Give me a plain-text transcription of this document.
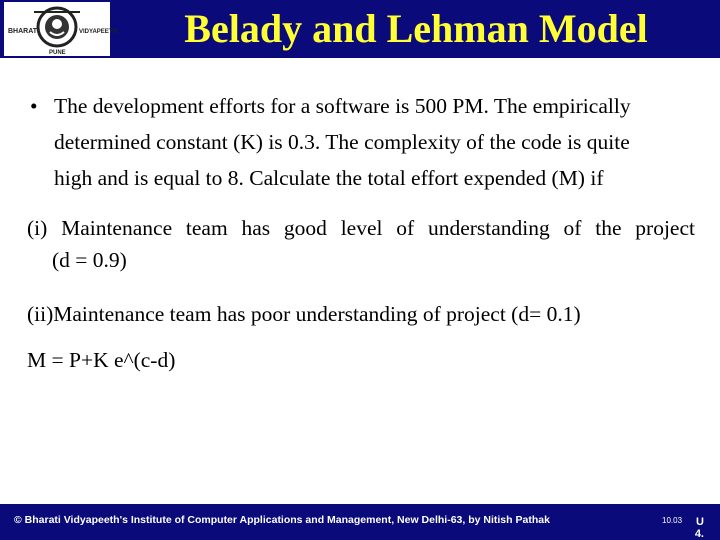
BHARATI	VIDYAPEETH
PUNE
Belady and Lehman Model
• The development efforts for a software is 500 PM. The empirically
determined constant (K) is 0.3. The complexity of the code is quite
high and is equal to 8. Calculate the total effort expended (M) if
(i) Maintenance team has good level of understanding of the project
(d = 0.9)
(ii)Maintenance team has poor understanding of project (d= 0.1)
M = P+K e^(c-d)
© Bharati Vidyapeeth's Institute of Computer Applications and Management, New Delhi-63, by Nitish Pathak	10.03	U
4.
